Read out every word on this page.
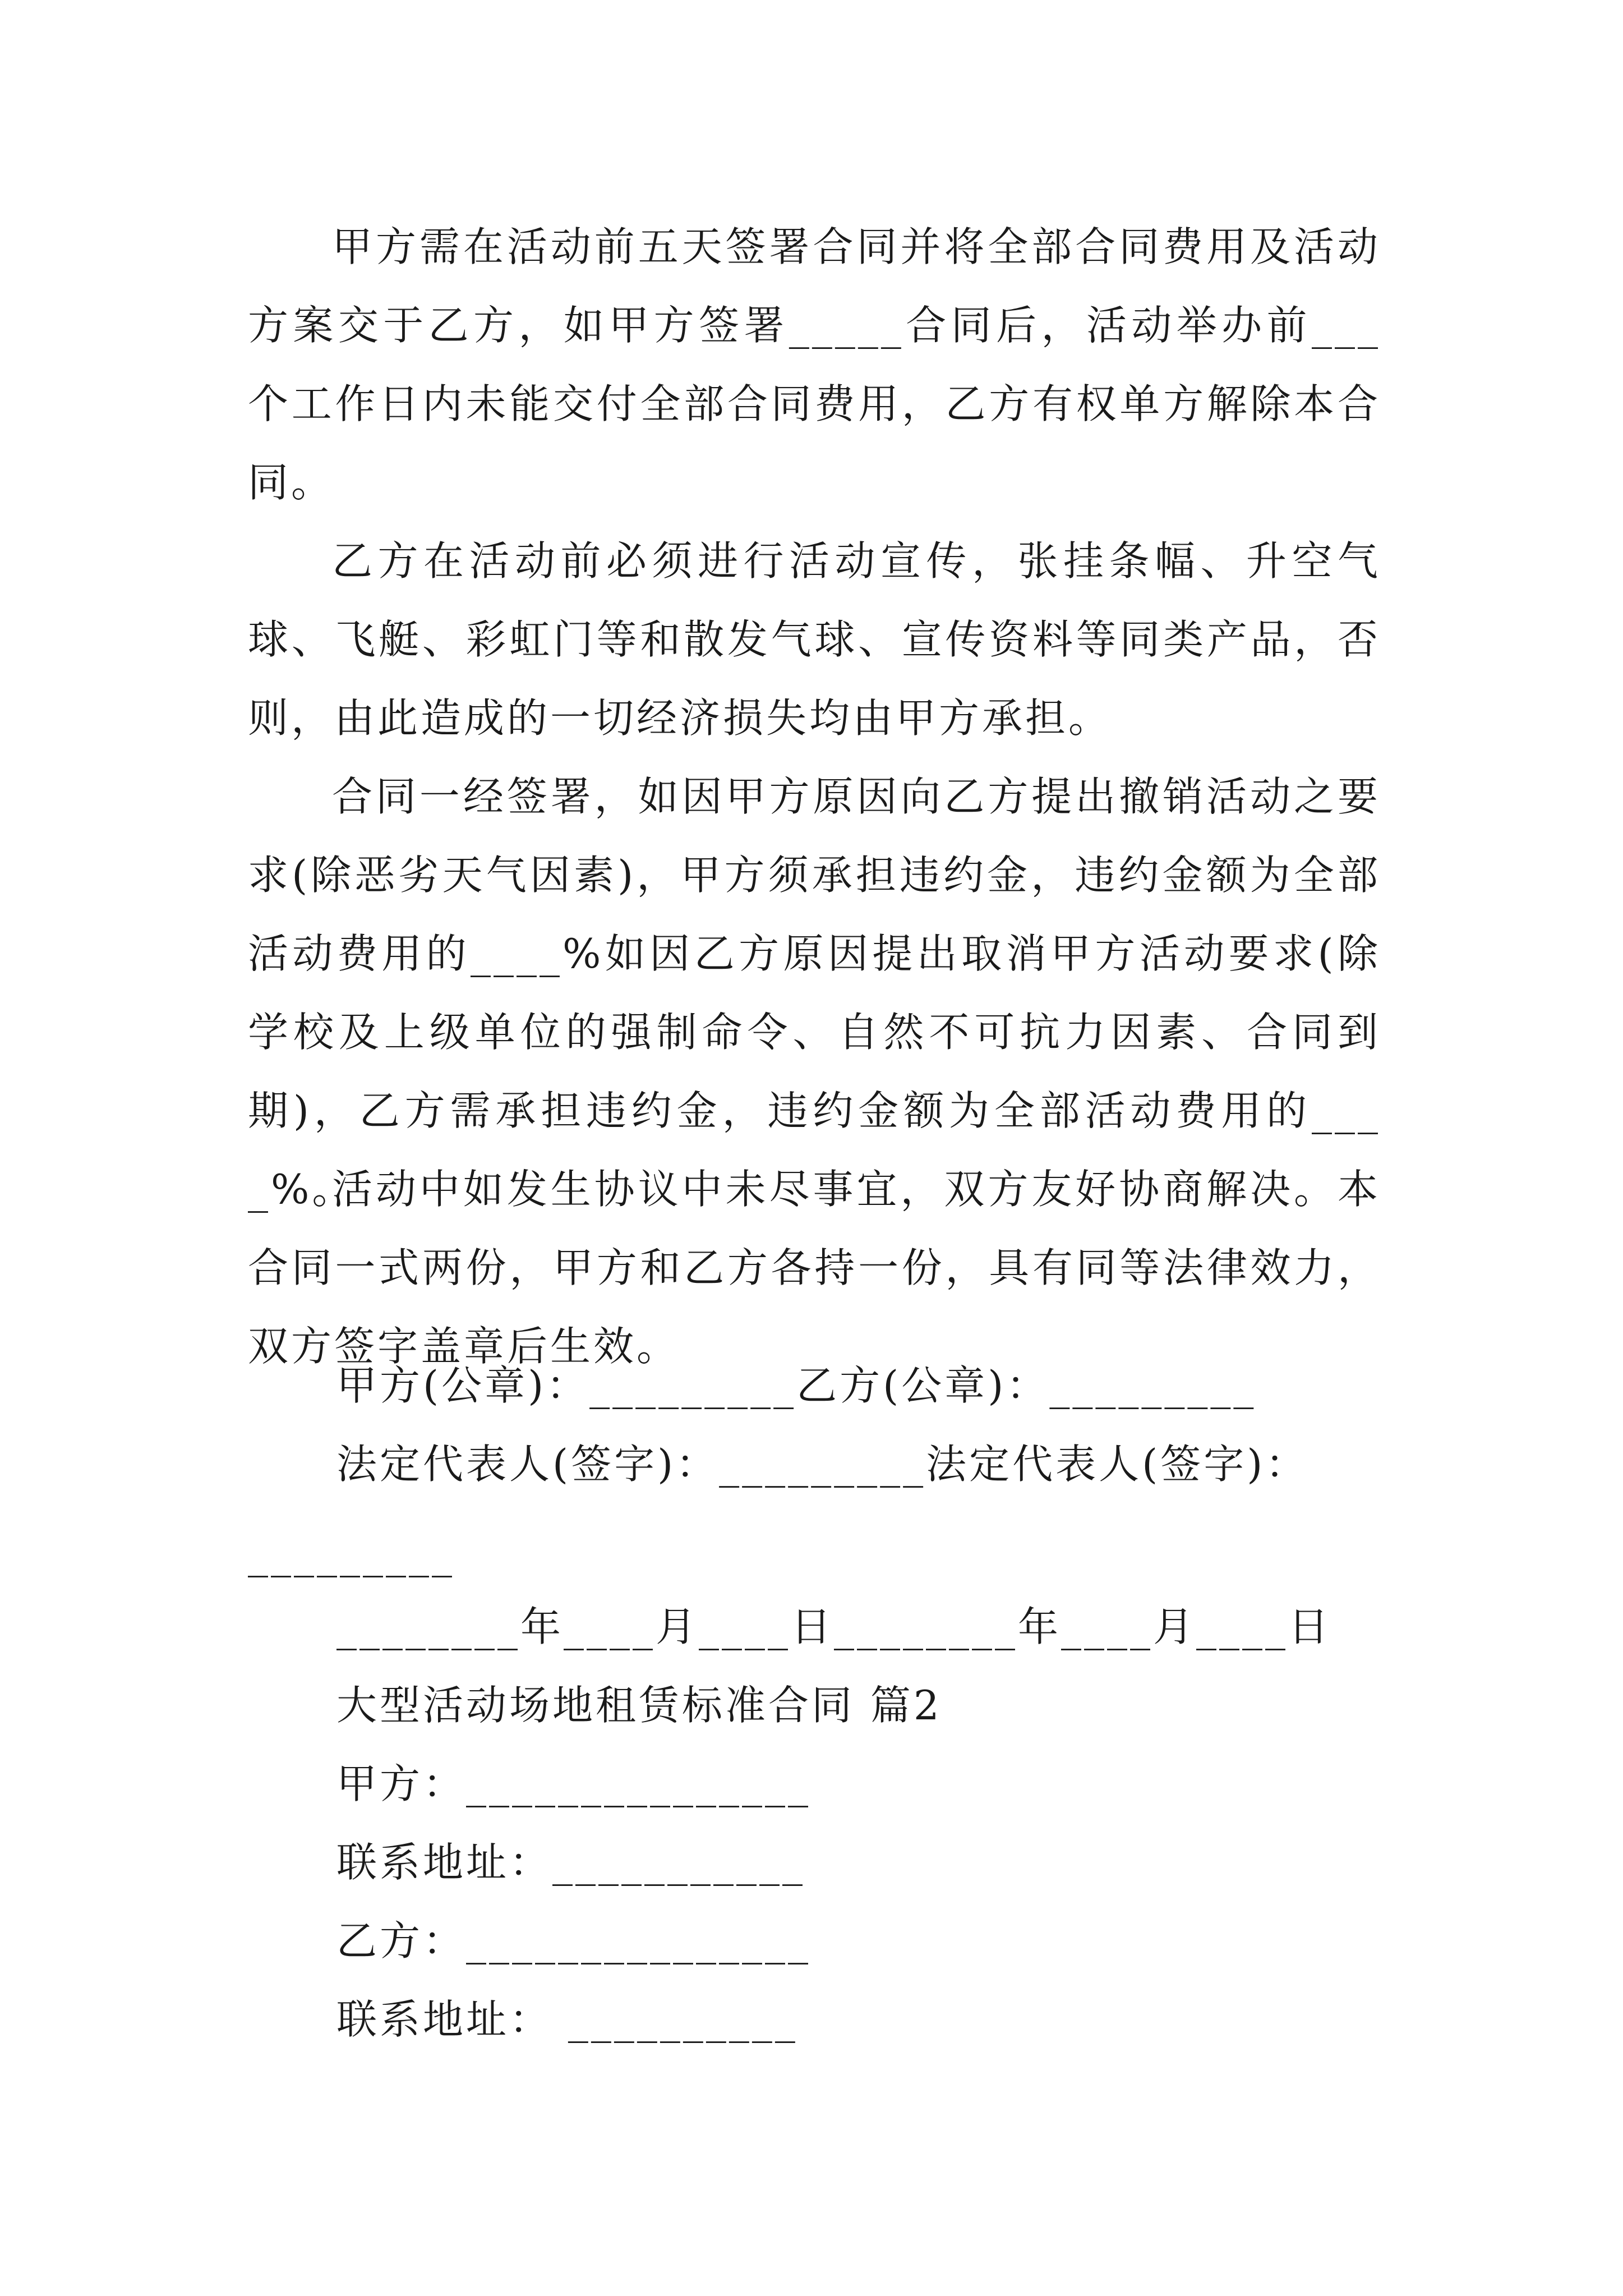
甲方需在活动前五天签署合同并将全部合同费用及活动方案交于乙方，如甲方签署_____合同后，活动举办前___个工作日内未能交付全部合同费用，乙方有权单方解除本合同。

乙方在活动前必须进行活动宣传，张挂条幅、升空气球、飞艇、彩虹门等和散发气球、宣传资料等同类产品，否则，由此造成的一切经济损失均由甲方承担。

合同一经签署，如因甲方原因向乙方提出撤销活动之要求(除恶劣天气因素)，甲方须承担违约金，违约金额为全部活动费用的____%如因乙方原因提出取消甲方活动要求(除学校及上级单位的强制命令、自然不可抗力因素、合同到期)，乙方需承担违约金，违约金额为全部活动费用的____%。

活动中如发生协议中未尽事宜，双方友好协商解决。本合同一式两份，甲方和乙方各持一份，具有同等法律效力，双方签字盖章后生效。

甲方(公章)：_________乙方(公章)：_________

法定代表人(签字)：_________法定代表人(签字)：

_________

________年____月____日________年____月____日

大型活动场地租赁标准合同 篇2

甲方：_______________

联系地址：___________

乙方：_______________

联系地址： __________
